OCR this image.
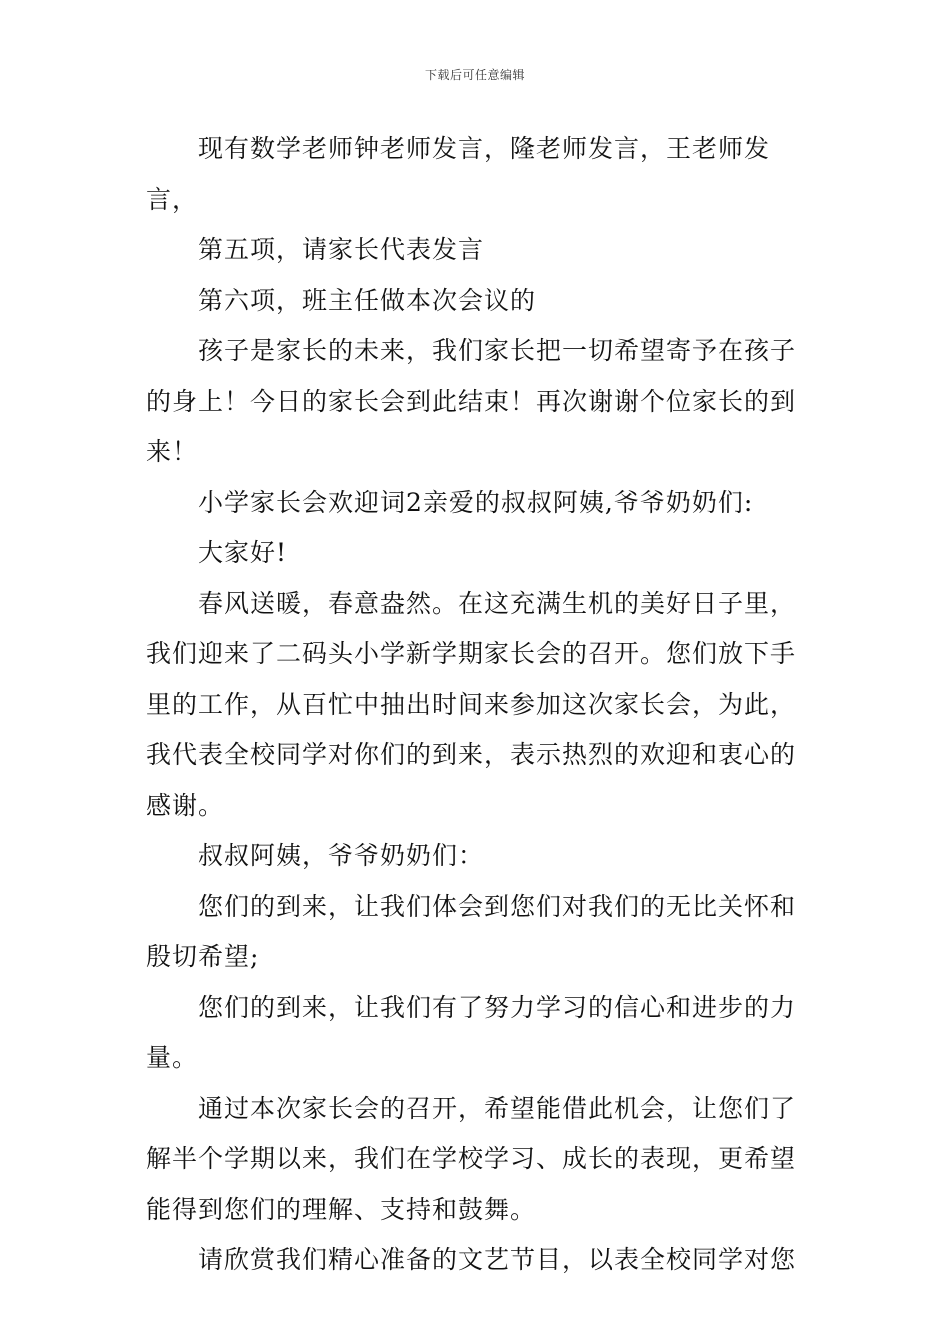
下载后可任意编辑

现有数学老师钟老师发言，隆老师发言，王老师发言，

第五项，请家长代表发言

第六项，班主任做本次会议的

孩子是家长的未来，我们家长把一切希望寄予在孩子的身上！今日的家长会到此结束！再次谢谢个位家长的到来！

小学家长会欢迎词2亲爱的叔叔阿姨,爷爷奶奶们:

大家好!

春风送暖，春意盎然。在这充满生机的美好日子里，我们迎来了二码头小学新学期家长会的召开。您们放下手里的工作，从百忙中抽出时间来参加这次家长会，为此，我代表全校同学对你们的到来，表示热烈的欢迎和衷心的感谢。

叔叔阿姨，爷爷奶奶们：

您们的到来，让我们体会到您们对我们的无比关怀和殷切希望;

您们的到来，让我们有了努力学习的信心和进步的力量。

通过本次家长会的召开，希望能借此机会，让您们了解半个学期以来，我们在学校学习、成长的表现，更希望能得到您们的理解、支持和鼓舞。

请欣赏我们精心准备的文艺节目，以表全校同学对您
